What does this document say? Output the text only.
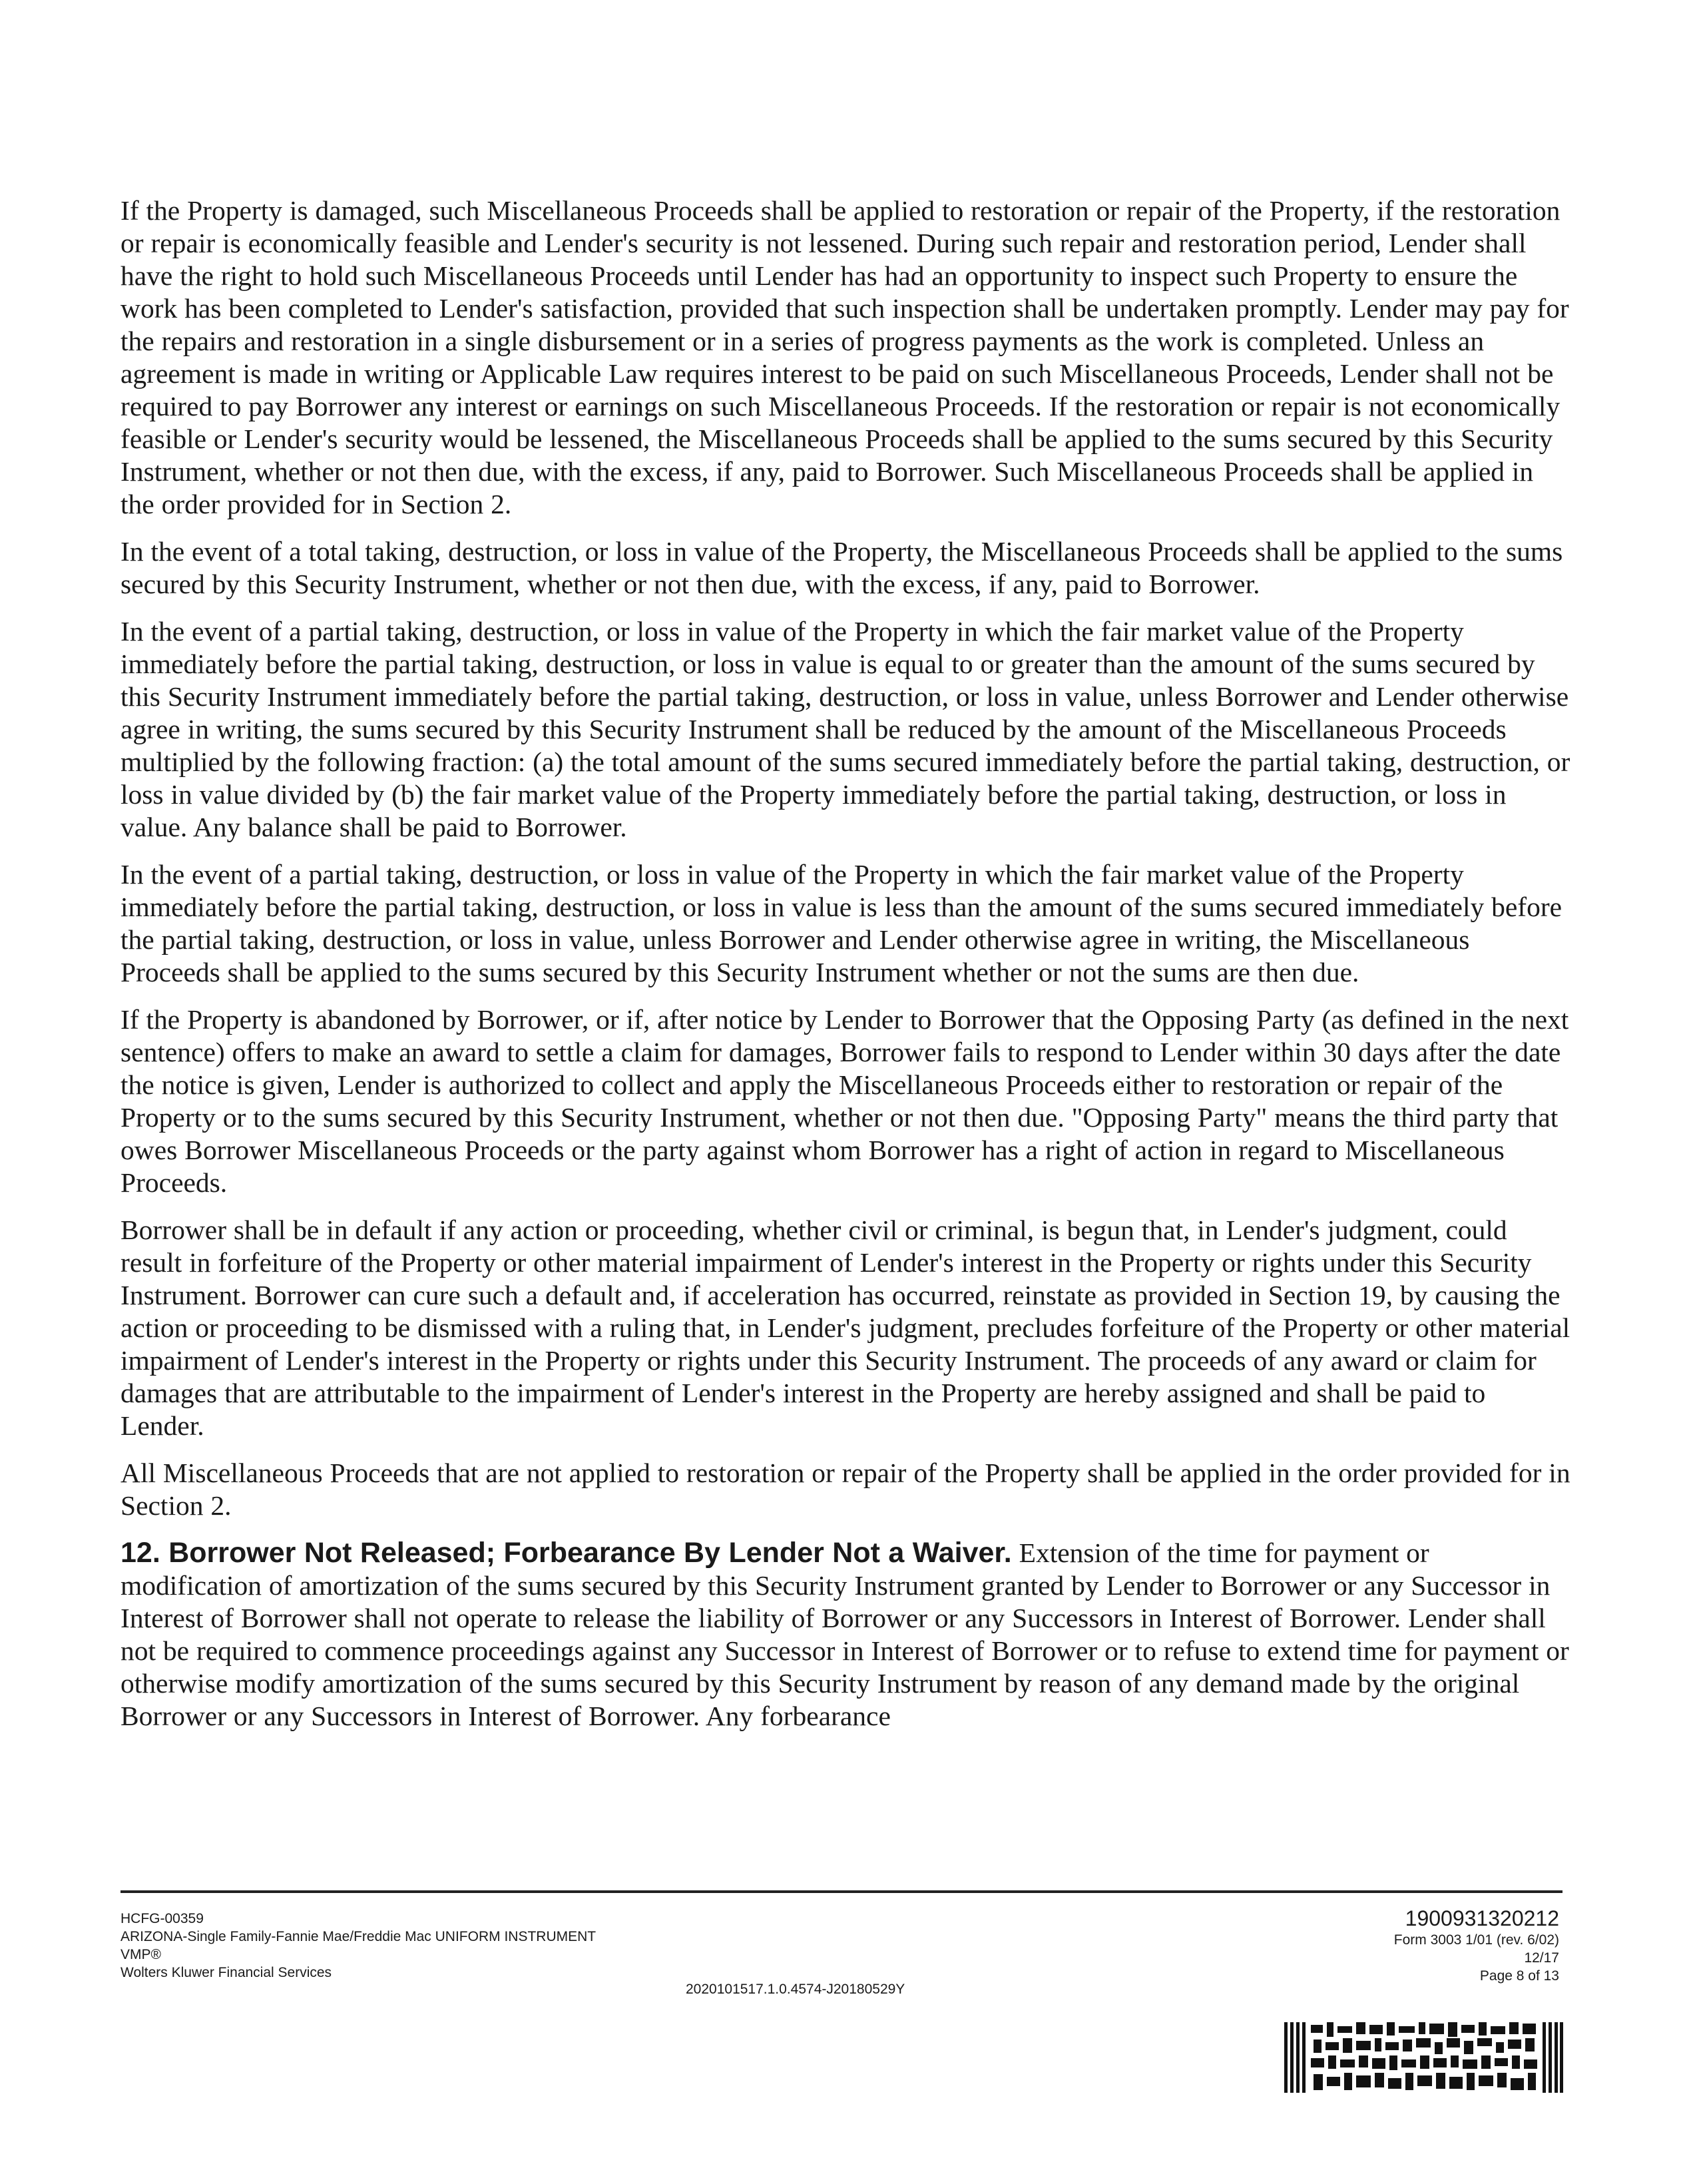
If the Property is damaged, such Miscellaneous Proceeds shall be applied to restoration or repair of the Property, if the restoration or repair is economically feasible and Lender's security is not lessened. During such repair and restoration period, Lender shall have the right to hold such Miscellaneous Proceeds until Lender has had an opportunity to inspect such Property to ensure the work has been completed to Lender's satisfaction, provided that such inspection shall be undertaken promptly. Lender may pay for the repairs and restoration in a single disbursement or in a series of progress payments as the work is completed. Unless an agreement is made in writing or Applicable Law requires interest to be paid on such Miscellaneous Proceeds, Lender shall not be required to pay Borrower any interest or earnings on such Miscellaneous Proceeds. If the restoration or repair is not economically feasible or Lender's security would be lessened, the Miscellaneous Proceeds shall be applied to the sums secured by this Security Instrument, whether or not then due, with the excess, if any, paid to Borrower. Such Miscellaneous Proceeds shall be applied in the order provided for in Section 2.

In the event of a total taking, destruction, or loss in value of the Property, the Miscellaneous Proceeds shall be applied to the sums secured by this Security Instrument, whether or not then due, with the excess, if any, paid to Borrower.

In the event of a partial taking, destruction, or loss in value of the Property in which the fair market value of the Property immediately before the partial taking, destruction, or loss in value is equal to or greater than the amount of the sums secured by this Security Instrument immediately before the partial taking, destruction, or loss in value, unless Borrower and Lender otherwise agree in writing, the sums secured by this Security Instrument shall be reduced by the amount of the Miscellaneous Proceeds multiplied by the following fraction: (a) the total amount of the sums secured immediately before the partial taking, destruction, or loss in value divided by (b) the fair market value of the Property immediately before the partial taking, destruction, or loss in value. Any balance shall be paid to Borrower.

In the event of a partial taking, destruction, or loss in value of the Property in which the fair market value of the Property immediately before the partial taking, destruction, or loss in value is less than the amount of the sums secured immediately before the partial taking, destruction, or loss in value, unless Borrower and Lender otherwise agree in writing, the Miscellaneous Proceeds shall be applied to the sums secured by this Security Instrument whether or not the sums are then due.

If the Property is abandoned by Borrower, or if, after notice by Lender to Borrower that the Opposing Party (as defined in the next sentence) offers to make an award to settle a claim for damages, Borrower fails to respond to Lender within 30 days after the date the notice is given, Lender is authorized to collect and apply the Miscellaneous Proceeds either to restoration or repair of the Property or to the sums secured by this Security Instrument, whether or not then due. "Opposing Party" means the third party that owes Borrower Miscellaneous Proceeds or the party against whom Borrower has a right of action in regard to Miscellaneous Proceeds.

Borrower shall be in default if any action or proceeding, whether civil or criminal, is begun that, in Lender's judgment, could result in forfeiture of the Property or other material impairment of Lender's interest in the Property or rights under this Security Instrument. Borrower can cure such a default and, if acceleration has occurred, reinstate as provided in Section 19, by causing the action or proceeding to be dismissed with a ruling that, in Lender's judgment, precludes forfeiture of the Property or other material impairment of Lender's interest in the Property or rights under this Security Instrument. The proceeds of any award or claim for damages that are attributable to the impairment of Lender's interest in the Property are hereby assigned and shall be paid to Lender.

All Miscellaneous Proceeds that are not applied to restoration or repair of the Property shall be applied in the order provided for in Section 2.

12. Borrower Not Released; Forbearance By Lender Not a Waiver. Extension of the time for payment or modification of amortization of the sums secured by this Security Instrument granted by Lender to Borrower or any Successor in Interest of Borrower shall not operate to release the liability of Borrower or any Successors in Interest of Borrower. Lender shall not be required to commence proceedings against any Successor in Interest of Borrower or to refuse to extend time for payment or otherwise modify amortization of the sums secured by this Security Instrument by reason of any demand made by the original Borrower or any Successors in Interest of Borrower. Any forbearance

HCFG-00359
ARIZONA-Single Family-Fannie Mae/Freddie Mac UNIFORM INSTRUMENT
VMP®
Wolters Kluwer Financial Services
2020101517.1.0.4574-J20180529Y
1900931320212
Form 3003 1/01 (rev. 6/02)
12/17
Page 8 of 13
